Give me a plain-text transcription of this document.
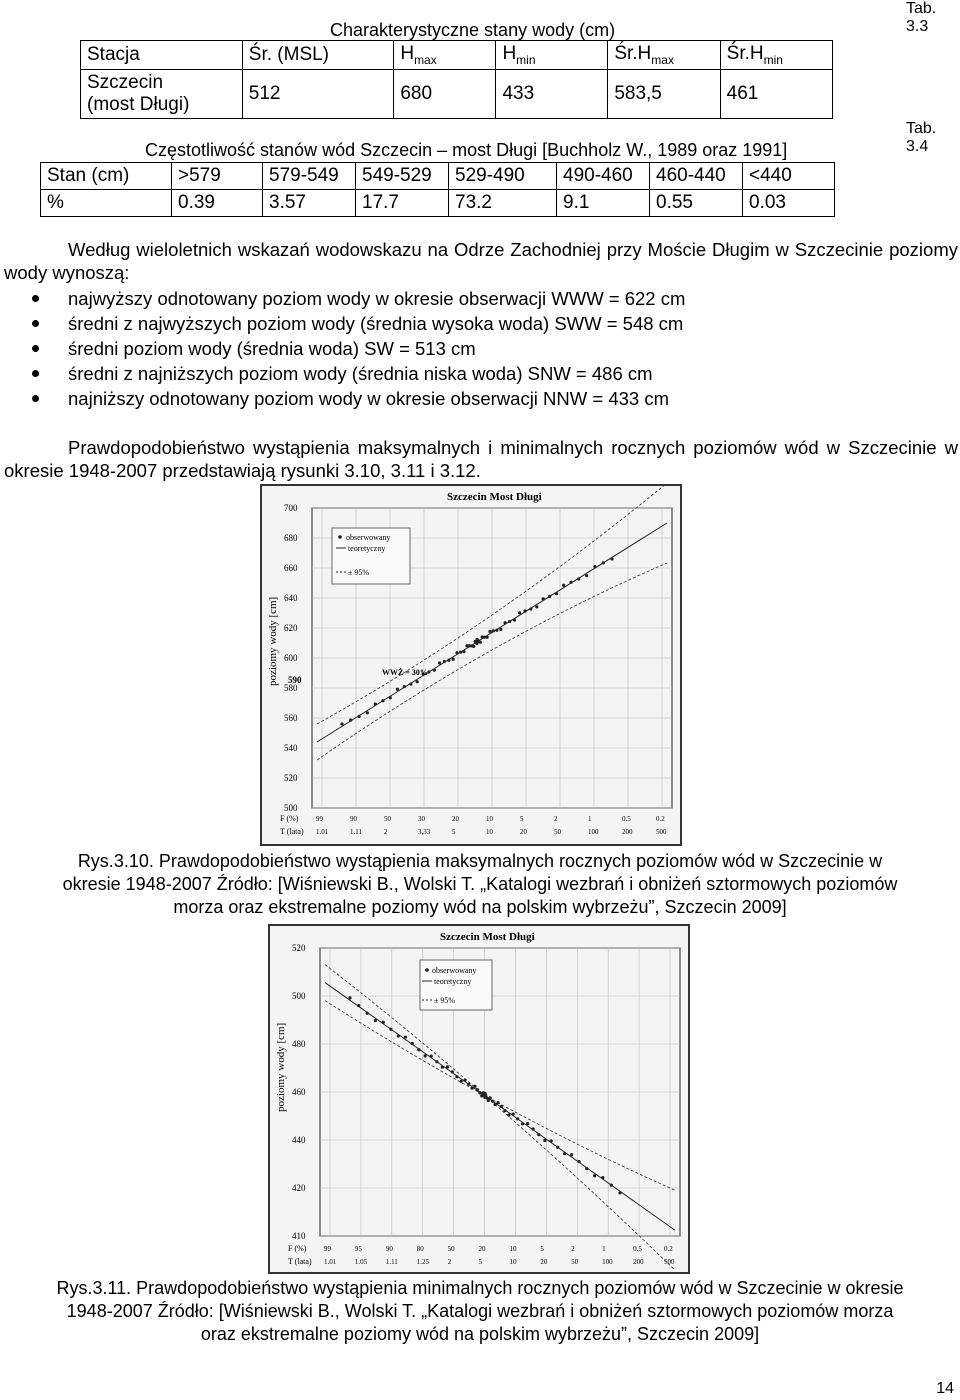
Tab. 3.3
Charakterystyczne stany wody (cm)
Stacja	Śr. (MSL)	$H_{max}$	$H_{min}$	$Śr.H_{max}$	$Śr.H_{min}$
Szczecin
(most Długi)	512	680	433	583,5	461
Tab. 3.4
Częstotliwość stanów wód Szczecin – most Długi [Buchholz W., 1989 oraz 1991]
Stan (cm)	>579	579-549	549-529	529-490	490-460	460-440	<440
%	0.39	3.57	17.7	73.2	9.1	0.55	0.03
Według wieloletnich wskazań wodowskazu na Odrze Zachodniej przy Moście Długim w Szczecinie poziomy wody wynoszą:
najwyższy odnotowany poziom wody w okresie obserwacji WWW = 622 cm
średni z najwyższych poziom wody (średnia wysoka woda) SWW = 548 cm
średni poziom wody (średnia woda) SW = 513 cm
średni z najniższych poziom wody (średnia niska woda) SNW = 486 cm
najniższy odnotowany poziom wody w okresie obserwacji NNW = 433 cm
Prawdopodobieństwo wystąpienia maksymalnych i minimalnych rocznych poziomów wód w Szczecinie w okresie 1948-2007 przedstawiają rysunki 3.10, 3.11 i 3.12.
Szczecin Most Długi
poziomy wody [cm]
700
680
660
640
620
600
580
560
540
520
500
obserwowany
teoretyczny
± 95%
WWŻ = 30%
590
F (%)
T (lata)
99
1.01
90
1.11
50
2
30
3,33
20
5
10
10
5
20
2
50
1
100
0.5
200
0.2
500
Rys.3.10. Prawdopodobieństwo wystąpienia maksymalnych rocznych poziomów wód w Szczecinie w
okresie 1948-2007 Źródło: [Wiśniewski B., Wolski T. „Katalogi wezbrań i obniżeń sztormowych poziomów
morza oraz ekstremalne poziomy wód na polskim wybrzeżu”, Szczecin 2009]
Szczecin Most Długi
poziomy wody [cm]
520
500
480
460
440
420
410
obserwowany
teoretyczny
± 95%
F (%)
T (lata)
99
1.01
95
1.05
90
1.11
80
1.25
50
2
20
5
10
10
5
20
2
50
1
100
0.5
200
0.2
500
Rys.3.11. Prawdopodobieństwo wystąpienia minimalnych rocznych poziomów wód w Szczecinie w okresie
1948-2007 Źródło: [Wiśniewski B., Wolski T. „Katalogi wezbrań i obniżeń sztormowych poziomów morza
oraz ekstremalne poziomy wód na polskim wybrzeżu”, Szczecin 2009]
14
